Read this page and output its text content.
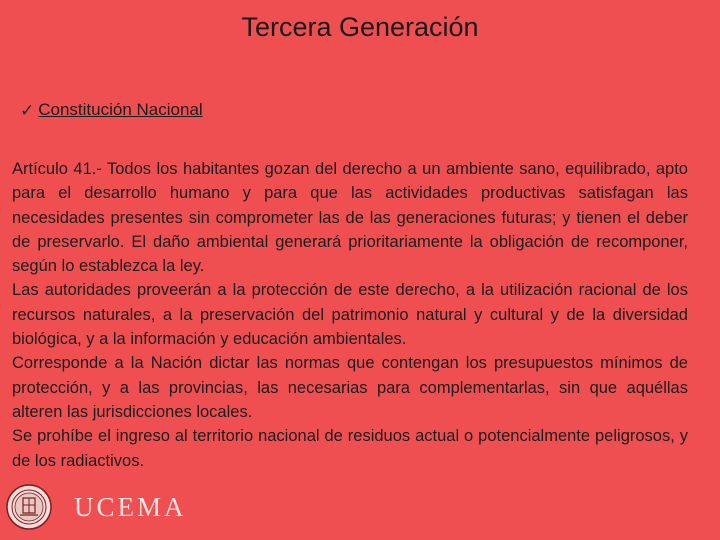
Tercera Generación
✓ Constitución Nacional

Artículo 41.- Todos los habitantes gozan del derecho a un ambiente sano, equilibrado, apto para el desarrollo humano y para que las actividades productivas satisfagan las necesidades presentes sin comprometer las de las generaciones futuras; y tienen el deber de preservarlo. El daño ambiental generará prioritariamente la obligación de recomponer, según lo establezca la ley.

Las autoridades proveerán a la protección de este derecho, a la utilización racional de los recursos naturales, a la preservación del patrimonio natural y cultural y de la diversidad biológica, y a la información y educación ambientales.

Corresponde a la Nación dictar las normas que contengan los presupuestos mínimos de protección, y a las provincias, las necesarias para complementarlas, sin que aquéllas alteren las jurisdicciones locales.

Se prohíbe el ingreso al territorio nacional de residuos actual o potencialmente peligrosos, y de los radiactivos.

UCEMA
